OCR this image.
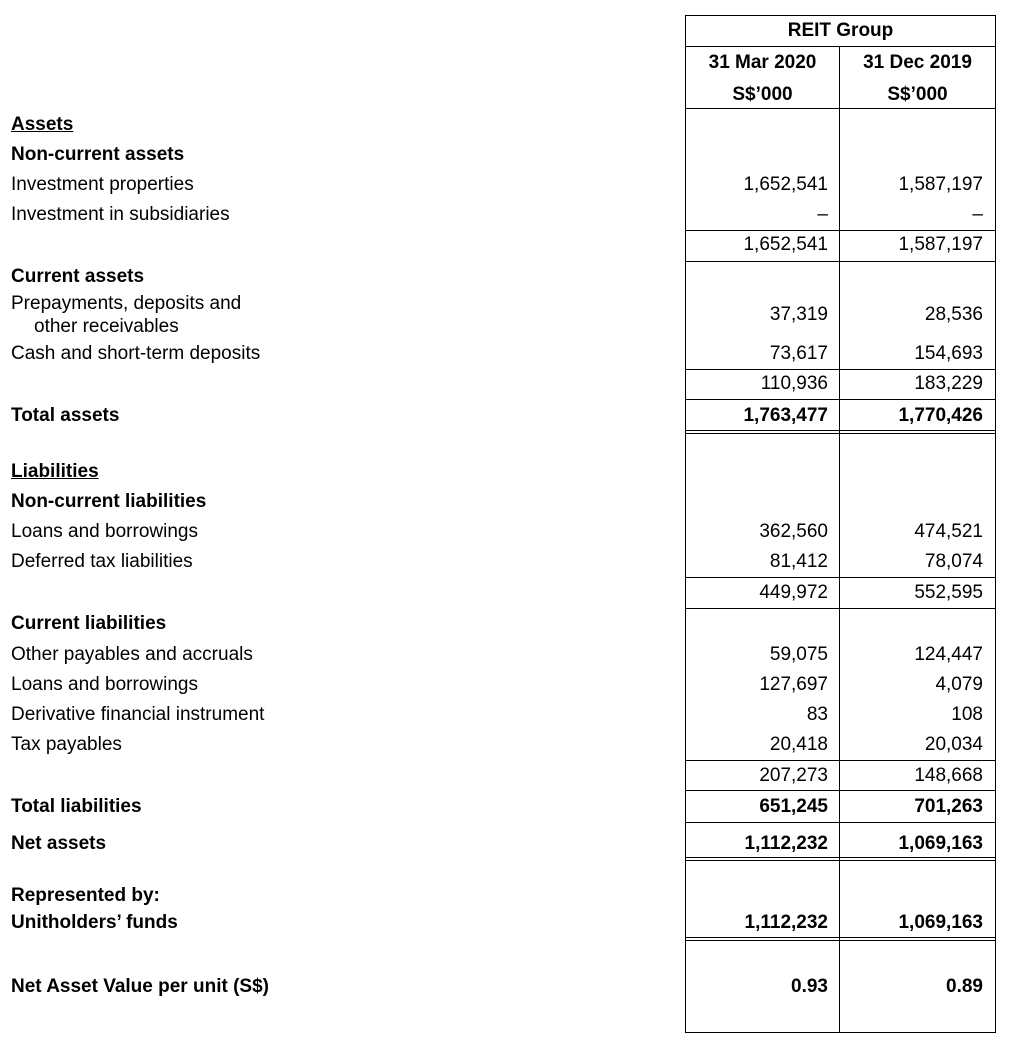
REIT Group
31 Mar 2020	31 Dec 2019
S$’000	S$’000
Assets
Non-current assets
Investment properties	1,652,541	1,587,197
Investment in subsidiaries	–	–
1,652,541	1,587,197
Current assets
Prepayments, deposits and
other receivables
37,319	28,536
Cash and short-term deposits	73,617	154,693
110,936	183,229
Total assets	1,763,477	1,770,426
Liabilities
Non-current liabilities
Loans and borrowings	362,560	474,521
Deferred tax liabilities	81,412	78,074
449,972	552,595
Current liabilities
Other payables and accruals	59,075	124,447
Loans and borrowings	127,697	4,079
Derivative financial instrument	83	108
Tax payables	20,418	20,034
207,273	148,668
Total liabilities	651,245	701,263
Net assets	1,112,232	1,069,163
Represented by:
Unitholders’ funds	1,112,232	1,069,163
Net Asset Value per unit (S$)	0.93	0.89
